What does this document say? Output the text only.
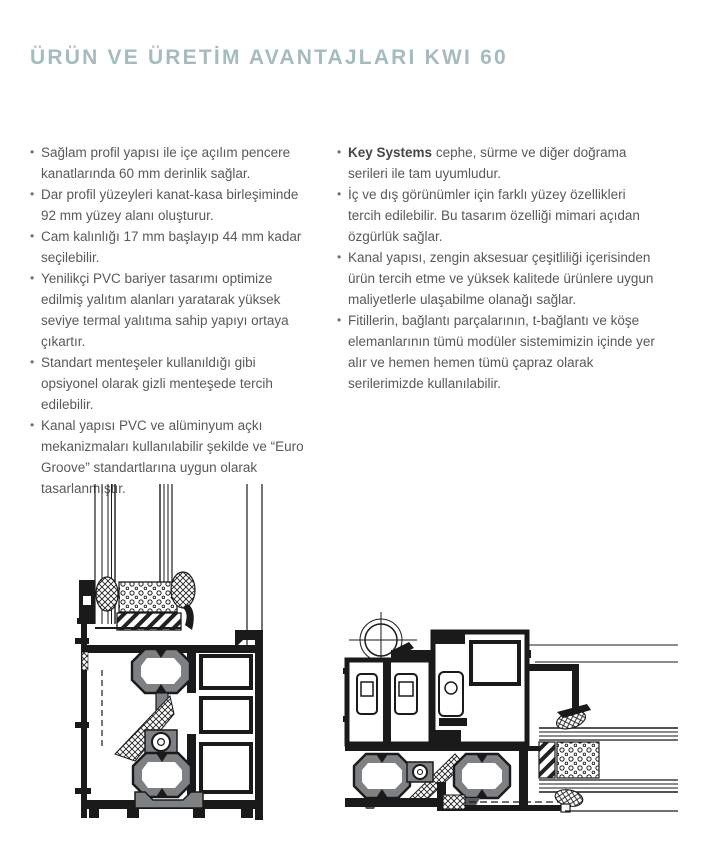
ÜRÜN VE ÜRETİM AVANTAJLARI KWI 60
• Sağlam profil yapısı ile içe açılım pencere kanatlarında 60 mm derinlik sağlar.
• Dar profil yüzeyleri kanat-kasa birleşiminde 92 mm yüzey alanı oluşturur.
• Cam kalınlığı 17 mm başlayıp 44 mm kadar seçilebilir.
• Yenilikçi PVC bariyer tasarımı optimize edilmiş yalıtım alanları yaratarak yüksek seviye termal yalıtıma sahip yapıyı ortaya çıkartır.
• Standart menteşeler kullanıldığı gibi opsiyonel olarak gizli menteşede tercih edilebilir.
• Kanal yapısı PVC ve alüminyum açkı mekanizmaları kullanılabilir şekilde ve “Euro Groove” standartlarına uygun olarak tasarlanmıştır.
• Key Systems cephe, sürme ve diğer doğrama serileri ile tam uyumludur.
• İç ve dış görünümler için farklı yüzey özellikleri tercih edilebilir. Bu tasarım özelliği mimari açıdan özgürlük sağlar.
• Kanal yapısı, zengin aksesuar çeşitliliği içerisinden ürün tercih etme ve yüksek kalitede ürünlere uygun maliyetlerle ulaşabilme olanağı sağlar.
• Fitillerin, bağlantı parçalarının, t-bağlantı ve köşe elemanlarının tümü modüler sistemimizin içinde yer alır ve hemen hemen tümü çapraz olarak serilerimizde kullanılabilir.
